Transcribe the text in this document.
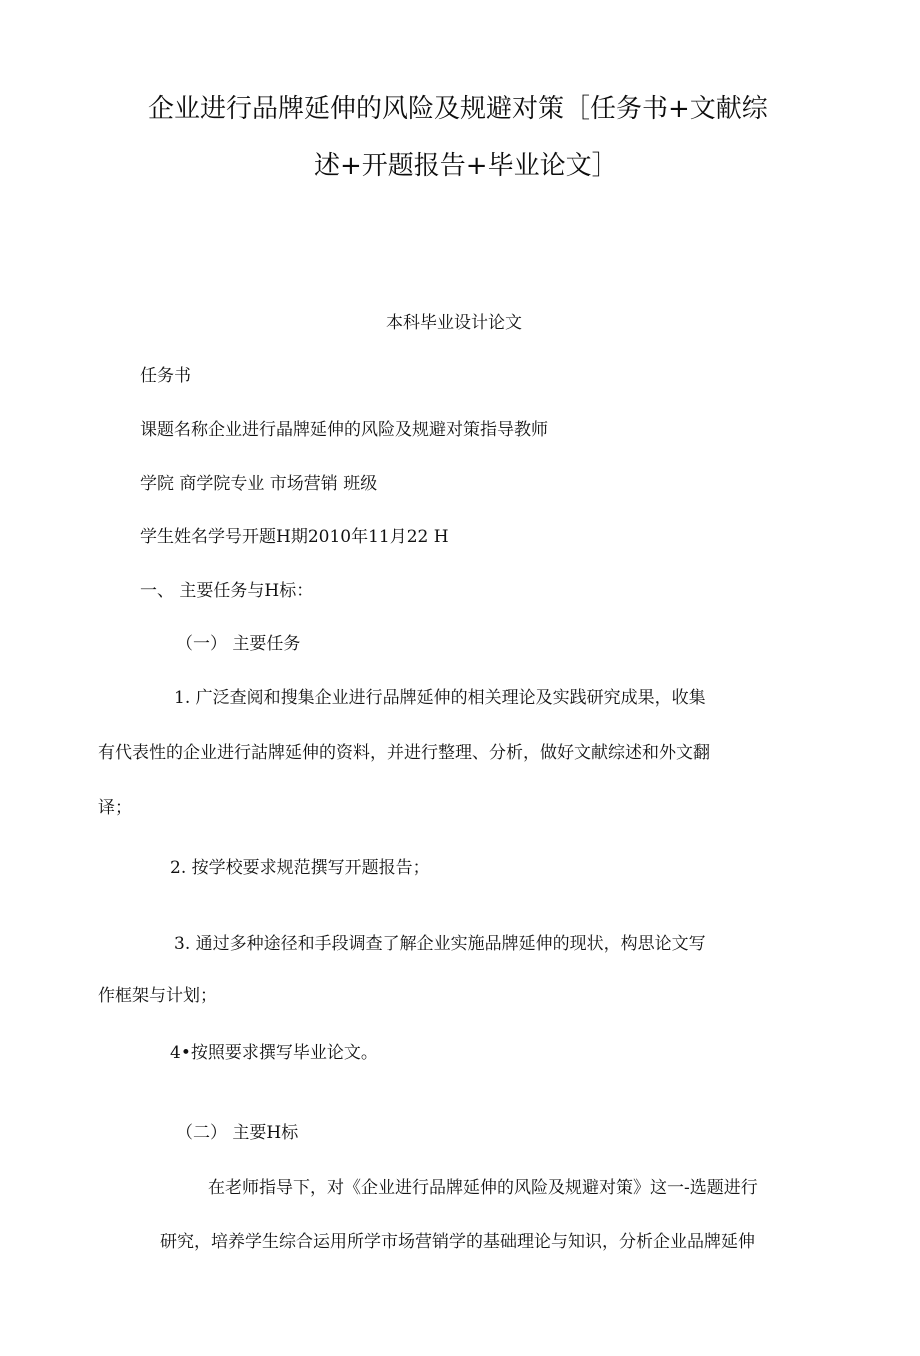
企业进行品牌延伸的风险及规避对策［任务书+文献综

述+开题报告+毕业论文］

本科毕业设计论文

任务书

课题名称企业进行晶牌延伸的风险及规避对策指导教师

学院 商学院专业 市场营销 班级

学生姓名学号开题H期2010年11月22 H

一、 主要任务与H标：

（一） 主要任务

1. 广泛查阅和搜集企业进行品牌延伸的相关理论及实践研究成果，收集

有代表性的企业进行詁牌延伸的资料，并进行整理、分析，做好文献综述和外文翻

译；

2. 按学校要求规范撰写开题报告；

3. 通过多种途径和手段调查了解企业实施品牌延伸的现状，构思论文写

作框架与计划；

4•按照要求撰写毕业论文。

（二） 主要H标

在老师指导下，对《企业进行品牌延伸的风险及规避对策》这一-选题进行

研究，培养学生综合运用所学市场营销学的基础理论与知识，分析企业品牌延伸
